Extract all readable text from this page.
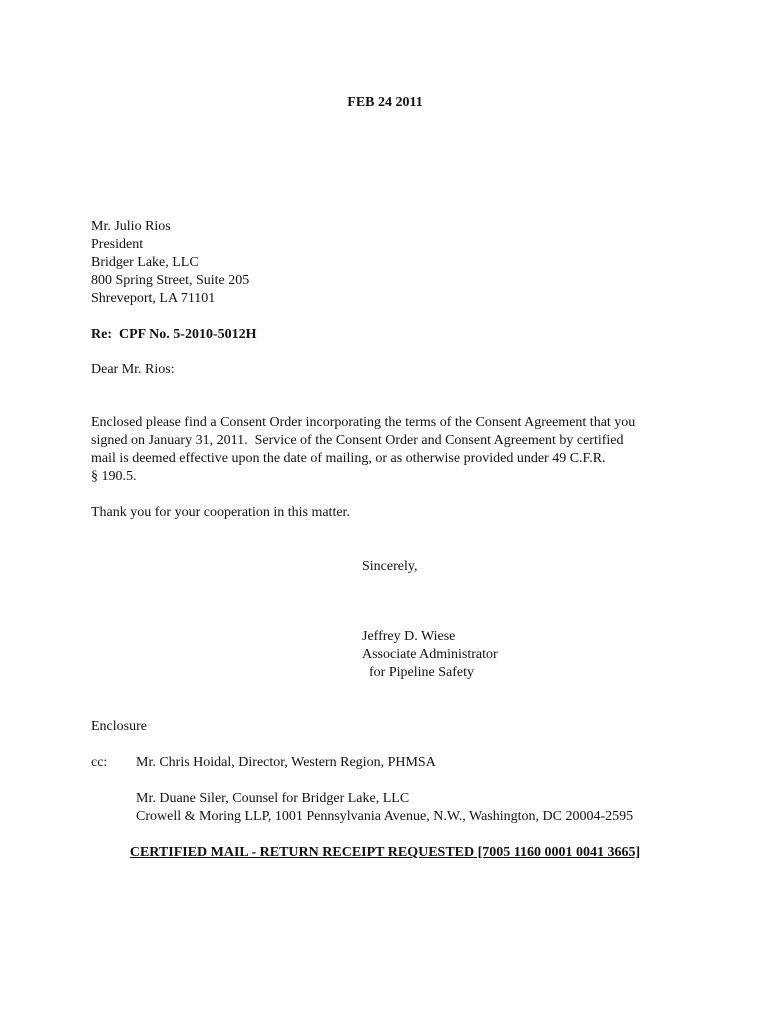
FEB 24 2011
Mr. Julio Rios
President
Bridger Lake, LLC
800 Spring Street, Suite 205
Shreveport, LA 71101
Re:  CPF No. 5-2010-5012H
Dear Mr. Rios:
Enclosed please find a Consent Order incorporating the terms of the Consent Agreement that you
signed on January 31, 2011.  Service of the Consent Order and Consent Agreement by certified
mail is deemed effective upon the date of mailing, or as otherwise provided under 49 C.F.R.
§ 190.5.
Thank you for your cooperation in this matter.
Sincerely,
Jeffrey D. Wiese
Associate Administrator
for Pipeline Safety
Enclosure
cc: Mr. Chris Hoidal, Director, Western Region, PHMSA
Mr. Duane Siler, Counsel for Bridger Lake, LLC
Crowell & Moring LLP, 1001 Pennsylvania Avenue, N.W., Washington, DC 20004-2595
CERTIFIED MAIL - RETURN RECEIPT REQUESTED [7005 1160 0001 0041 3665]
